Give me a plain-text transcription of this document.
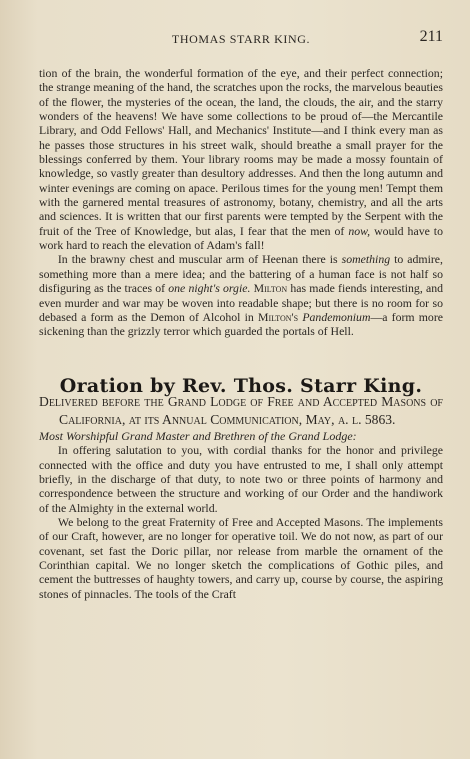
THOMAS STARR KING.	211

tion of the brain, the wonderful formation of the eye, and their perfect connection; the strange meaning of the hand, the scratches upon the rocks, the marvelous beauties of the flower, the mysteries of the ocean, the land, the clouds, the air, and the starry wonders of the heavens! We have some collections to be proud of—the Mercantile Library, and Odd Fellows' Hall, and Mechanics' Institute—and I think every man as he passes those structures in his street walk, should breathe a small prayer for the blessings conferred by them. Your library rooms may be made a mossy fountain of knowledge, so vastly greater than desultory addresses. And then the long autumn and winter evenings are coming on apace. Perilous times for the young men! Tempt them with the garnered mental treasures of astronomy, botany, chemistry, and all the arts and sciences. It is written that our first parents were tempted by the Serpent with the fruit of the Tree of Knowledge, but alas, I fear that the men of now, would have to work hard to reach the elevation of Adam's fall!

In the brawny chest and muscular arm of Heenan there is something to admire, something more than a mere idea; and the battering of a human face is not half so disfiguring as the traces of one night's orgie. Milton has made fiends interesting, and even murder and war may be woven into readable shape; but there is no room for so debased a form as the Demon of Alcohol in Milton's Pandemonium—a form more sickening than the grizzly terror which guarded the portals of Hell.

Oration by Rev. Thos. Starr King.

Delivered before the Grand Lodge of Free and Accepted Masons of California, at its Annual Communication, May, a. l. 5863.

Most Worshipful Grand Master and Brethren of the Grand Lodge:

In offering salutation to you, with cordial thanks for the honor and privilege connected with the office and duty you have entrusted to me, I shall only attempt briefly, in the discharge of that duty, to note two or three points of harmony and correspondence between the structure and working of our Order and the handiwork of the Almighty in the external world.

We belong to the great Fraternity of Free and Accepted Masons. The implements of our Craft, however, are no longer for operative toil. We do not now, as part of our covenant, set fast the Doric pillar, nor release from marble the ornament of the Corinthian capital. We no longer sketch the complications of Gothic piles, and cement the buttresses of haughty towers, and carry up, course by course, the aspiring stones of pinnacles. The tools of the Craft
